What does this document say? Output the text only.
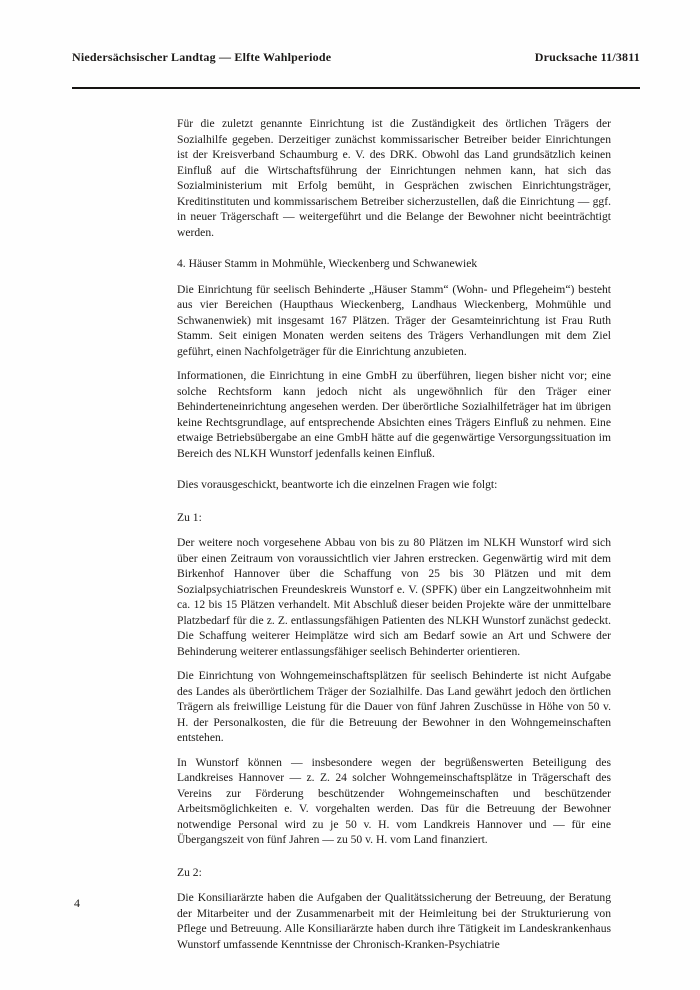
Niedersächsischer Landtag — Elfte Wahlperiode	Drucksache 11/3811

Für die zuletzt genannte Einrichtung ist die Zuständigkeit des örtlichen Trägers der Sozialhilfe gegeben. Derzeitiger zunächst kommissarischer Betreiber beider Einrichtungen ist der Kreisverband Schaumburg e. V. des DRK. Obwohl das Land grundsätzlich keinen Einfluß auf die Wirtschaftsführung der Einrichtungen nehmen kann, hat sich das Sozialministerium mit Erfolg bemüht, in Gesprächen zwischen Einrichtungsträger, Kreditinstituten und kommissarischem Betreiber sicherzustellen, daß die Einrichtung — ggf. in neuer Trägerschaft — weitergeführt und die Belange der Bewohner nicht beeinträchtigt werden.

4. Häuser Stamm in Mohmühle, Wieckenberg und Schwanewiek

Die Einrichtung für seelisch Behinderte „Häuser Stamm“ (Wohn- und Pflegeheim“) besteht aus vier Bereichen (Haupthaus Wieckenberg, Landhaus Wieckenberg, Mohmühle und Schwanenwiek) mit insgesamt 167 Plätzen. Träger der Gesamteinrichtung ist Frau Ruth Stamm. Seit einigen Monaten werden seitens des Trägers Verhandlungen mit dem Ziel geführt, einen Nachfolgeträger für die Einrichtung anzubieten.

Informationen, die Einrichtung in eine GmbH zu überführen, liegen bisher nicht vor; eine solche Rechtsform kann jedoch nicht als ungewöhnlich für den Träger einer Behinderteneinrichtung angesehen werden. Der überörtliche Sozialhilfeträger hat im übrigen keine Rechtsgrundlage, auf entsprechende Absichten eines Trägers Einfluß zu nehmen. Eine etwaige Betriebsübergabe an eine GmbH hätte auf die gegenwärtige Versorgungssituation im Bereich des NLKH Wunstorf jedenfalls keinen Einfluß.

Dies vorausgeschickt, beantworte ich die einzelnen Fragen wie folgt:

Zu 1:

Der weitere noch vorgesehene Abbau von bis zu 80 Plätzen im NLKH Wunstorf wird sich über einen Zeitraum von voraussichtlich vier Jahren erstrecken. Gegenwärtig wird mit dem Birkenhof Hannover über die Schaffung von 25 bis 30 Plätzen und mit dem Sozialpsychiatrischen Freundeskreis Wunstorf e. V. (SPFK) über ein Langzeitwohnheim mit ca. 12 bis 15 Plätzen verhandelt. Mit Abschluß dieser beiden Projekte wäre der unmittelbare Platzbedarf für die z. Z. entlassungsfähigen Patienten des NLKH Wunstorf zunächst gedeckt. Die Schaffung weiterer Heimplätze wird sich am Bedarf sowie an Art und Schwere der Behinderung weiterer entlassungsfähiger seelisch Behinderter orientieren.

Die Einrichtung von Wohngemeinschaftsplätzen für seelisch Behinderte ist nicht Aufgabe des Landes als überörtlichem Träger der Sozialhilfe. Das Land gewährt jedoch den örtlichen Trägern als freiwillige Leistung für die Dauer von fünf Jahren Zuschüsse in Höhe von 50 v. H. der Personalkosten, die für die Betreuung der Bewohner in den Wohngemeinschaften entstehen.

In Wunstorf können — insbesondere wegen der begrüßenswerten Beteiligung des Landkreises Hannover — z. Z. 24 solcher Wohngemeinschaftsplätze in Trägerschaft des Vereins zur Förderung beschützender Wohngemeinschaften und beschützender Arbeitsmöglichkeiten e. V. vorgehalten werden. Das für die Betreuung der Bewohner notwendige Personal wird zu je 50 v. H. vom Landkreis Hannover und — für eine Übergangszeit von fünf Jahren — zu 50 v. H. vom Land finanziert.

Zu 2:

Die Konsiliarärzte haben die Aufgaben der Qualitätssicherung der Betreuung, der Beratung der Mitarbeiter und der Zusammenarbeit mit der Heimleitung bei der Strukturierung von Pflege und Betreuung. Alle Konsiliarärzte haben durch ihre Tätigkeit im Landeskrankenhaus Wunstorf umfassende Kenntnisse der Chronisch-Kranken-Psychiatrie

4
